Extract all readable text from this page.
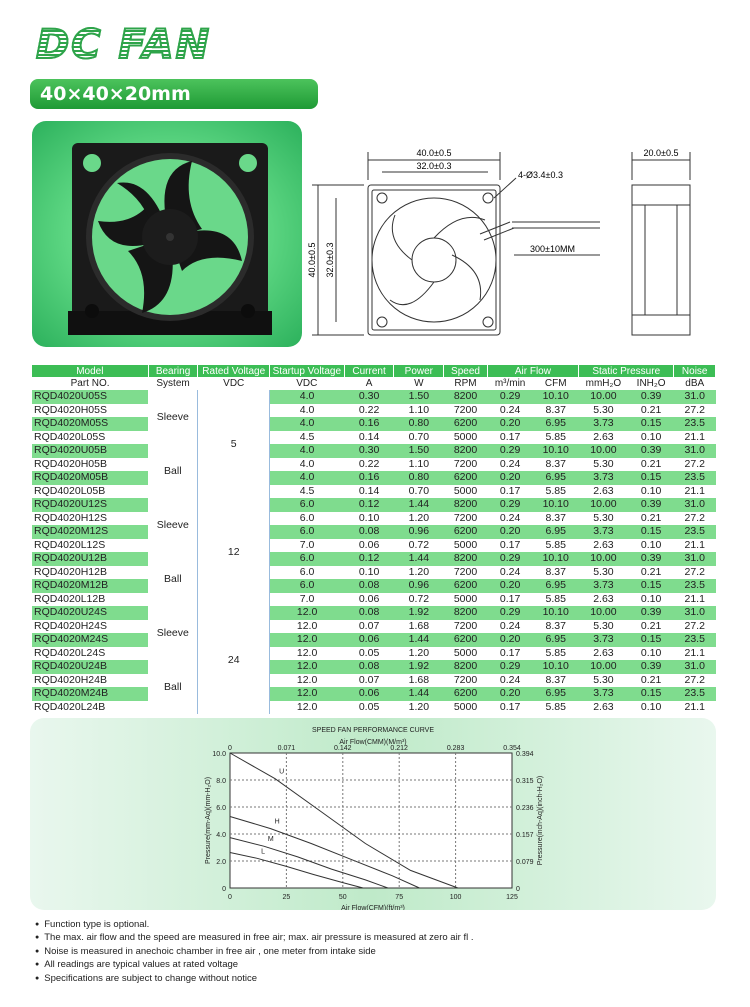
DC FAN
40×40×20mm
40.0±0.5
32.0±0.3
4-Ø3.4±0.3
300±10MM
20.0±0.5
40.0±0.5 32.0±0.3
Model	Bearing	Rated Voltage	Startup Voltage	Current	Power	Speed	Air Flow		Static Pressure		Noise
Part NO.	System	VDC	VDC	A	W	RPM	m³/min	CFM	mmH₂O	INH₂O	dBA
RQD4020U05S	Sleeve	5	4.0	0.30	1.50	8200	0.29	10.10	10.00	0.39	31.0
RQD4020H05S			4.0	0.22	1.10	7200	0.24	8.37	5.30	0.21	27.2
RQD4020M05S			4.0	0.16	0.80	6200	0.20	6.95	3.73	0.15	23.5
RQD4020L05S			4.5	0.14	0.70	5000	0.17	5.85	2.63	0.10	21.1
RQD4020U05B	Ball		4.0	0.30	1.50	8200	0.29	10.10	10.00	0.39	31.0
RQD4020H05B			4.0	0.22	1.10	7200	0.24	8.37	5.30	0.21	27.2
RQD4020M05B			4.0	0.16	0.80	6200	0.20	6.95	3.73	0.15	23.5
RQD4020L05B			4.5	0.14	0.70	5000	0.17	5.85	2.63	0.10	21.1
RQD4020U12S	Sleeve	12	6.0	0.12	1.44	8200	0.29	10.10	10.00	0.39	31.0
RQD4020H12S			6.0	0.10	1.20	7200	0.24	8.37	5.30	0.21	27.2
RQD4020M12S			6.0	0.08	0.96	6200	0.20	6.95	3.73	0.15	23.5
RQD4020L12S			7.0	0.06	0.72	5000	0.17	5.85	2.63	0.10	21.1
RQD4020U12B	Ball		6.0	0.12	1.44	8200	0.29	10.10	10.00	0.39	31.0
RQD4020H12B			6.0	0.10	1.20	7200	0.24	8.37	5.30	0.21	27.2
RQD4020M12B			6.0	0.08	0.96	6200	0.20	6.95	3.73	0.15	23.5
RQD4020L12B			7.0	0.06	0.72	5000	0.17	5.85	2.63	0.10	21.1
RQD4020U24S	Sleeve	24	12.0	0.08	1.92	8200	0.29	10.10	10.00	0.39	31.0
RQD4020H24S			12.0	0.07	1.68	7200	0.24	8.37	5.30	0.21	27.2
RQD4020M24S			12.0	0.06	1.44	6200	0.20	6.95	3.73	0.15	23.5
RQD4020L24S			12.0	0.05	1.20	5000	0.17	5.85	2.63	0.10	21.1
RQD4020U24B	Ball		12.0	0.08	1.92	8200	0.29	10.10	10.00	0.39	31.0
RQD4020H24B			12.0	0.07	1.68	7200	0.24	8.37	5.30	0.21	27.2
RQD4020M24B			12.0	0.06	1.44	6200	0.20	6.95	3.73	0.15	23.5
RQD4020L24B			12.0	0.05	1.20	5000	0.17	5.85	2.63	0.10	21.1
0	25	50	75	100	125
0	0.071	0.142	0.212	0.283	0.354
0
2.0
4.0
6.0
8.0
10.0
0
0.079
0.157
0.236
0.315
0.394
SPEED FAN PERFORMANCE CURVE
Air Flow(CMM)(M/m³)
Air Flow(CFM)(ft/m³)
Pressure(mm-Aq)(mm-H₂O)	Pressure(inch-Aq)(inch-H₂O)
U
H
M
L
● Function type is optional.
● The max. air flow and the speed are measured in free air; max. air pressure is measured at zero air fl .
● Noise is measured in anechoic chamber in free air , one meter from intake side
● All readings are typical values at rated voltage
● Specifications are subject to change without notice
